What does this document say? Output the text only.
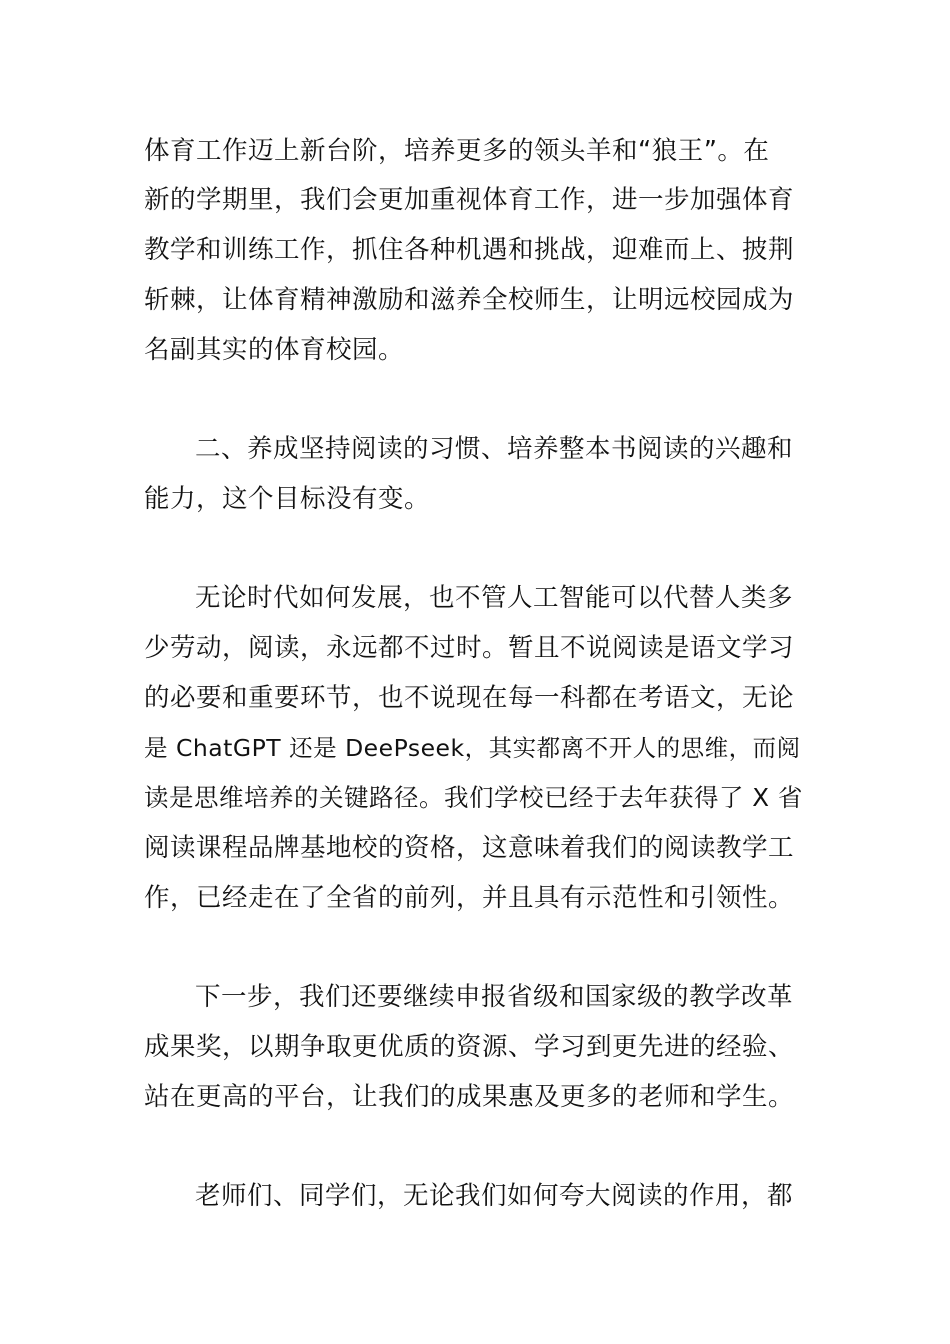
体育工作迈上新台阶，培养更多的领头羊和“狼王”。在
新的学期里，我们会更加重视体育工作，进一步加强体育
教学和训练工作，抓住各种机遇和挑战，迎难而上、披荆
斩棘，让体育精神激励和滋养全校师生，让明远校园成为
名副其实的体育校园。
二、养成坚持阅读的习惯、培养整本书阅读的兴趣和
能力，这个目标没有变。
无论时代如何发展，也不管人工智能可以代替人类多
少劳动，阅读，永远都不过时。暂且不说阅读是语文学习
的必要和重要环节，也不说现在每一科都在考语文，无论
是 ChatGPT 还是 DeePseek，其实都离不开人的思维，而阅
读是思维培养的关键路径。我们学校已经于去年获得了 X 省
阅读课程品牌基地校的资格，这意味着我们的阅读教学工
作，已经走在了全省的前列，并且具有示范性和引领性。
下一步，我们还要继续申报省级和国家级的教学改革
成果奖，以期争取更优质的资源、学习到更先进的经验、
站在更高的平台，让我们的成果惠及更多的老师和学生。
老师们、同学们，无论我们如何夸大阅读的作用，都
